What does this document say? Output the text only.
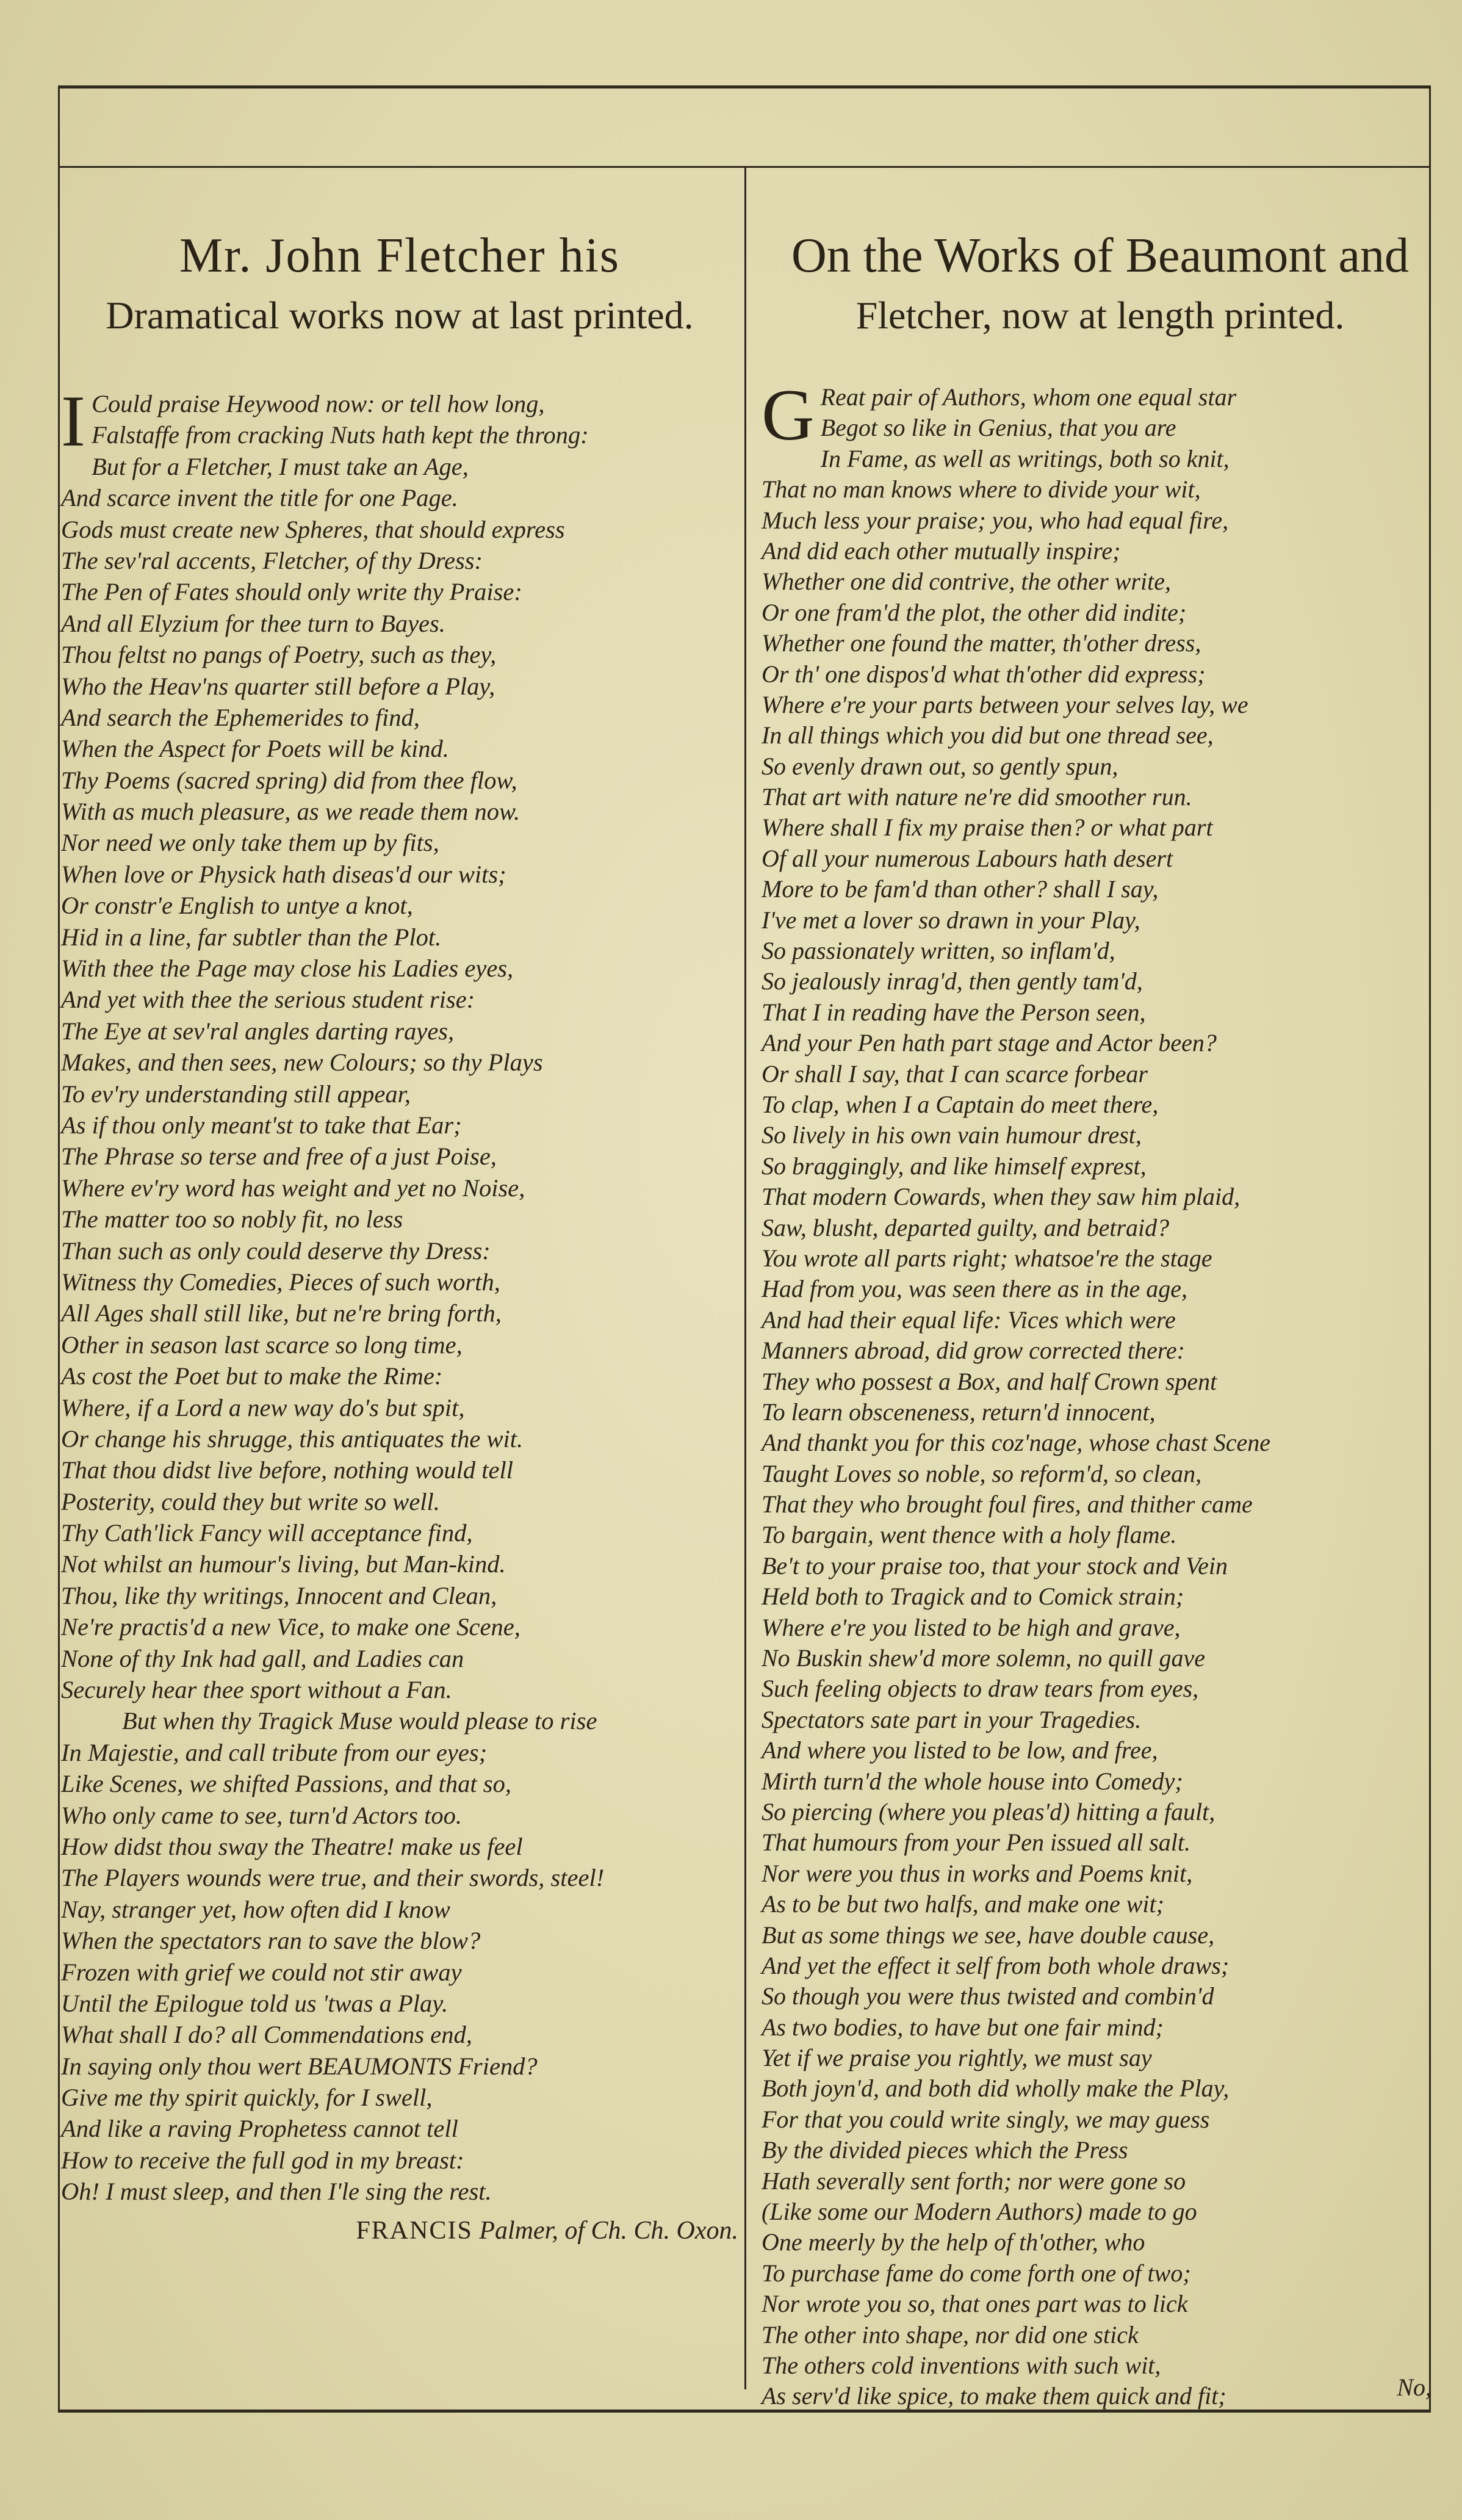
Mr. John Fletcher his
Dramatical works now at last printed.
I Could praise Heywood now: or tell how long,
Falstaffe from cracking Nuts hath kept the throng:
But for a Fletcher, I must take an Age,
And scarce invent the title for one Page.
Gods must create new Spheres, that should express
The sev'ral accents, Fletcher, of thy Dress:
The Pen of Fates should only write thy Praise:
And all Elyzium for thee turn to Bayes.
Thou feltst no pangs of Poetry, such as they,
Who the Heav'ns quarter still before a Play,
And search the Ephemerides to find,
When the Aspect for Poets will be kind.
Thy Poems (sacred spring) did from thee flow,
With as much pleasure, as we reade them now.
Nor need we only take them up by fits,
When love or Physick hath diseas'd our wits;
Or constr'e English to untye a knot,
Hid in a line, far subtler than the Plot.
With thee the Page may close his Ladies eyes,
And yet with thee the serious student rise:
The Eye at sev'ral angles darting rayes,
Makes, and then sees, new Colours; so thy Plays
To ev'ry understanding still appear,
As if thou only meant'st to take that Ear;
The Phrase so terse and free of a just Poise,
Where ev'ry word has weight and yet no Noise,
The matter too so nobly fit, no less
Than such as only could deserve thy Dress:
Witness thy Comedies, Pieces of such worth,
All Ages shall still like, but ne're bring forth,
Other in season last scarce so long time,
As cost the Poet but to make the Rime:
Where, if a Lord a new way do's but spit,
Or change his shrugge, this antiquates the wit.
That thou didst live before, nothing would tell
Posterity, could they but write so well.
Thy Cath'lick Fancy will acceptance find,
Not whilst an humour's living, but Man-kind.
Thou, like thy writings, Innocent and Clean,
Ne're practis'd a new Vice, to make one Scene,
None of thy Ink had gall, and Ladies can
Securely hear thee sport without a Fan.
But when thy Tragick Muse would please to rise
In Majestie, and call tribute from our eyes;
Like Scenes, we shifted Passions, and that so,
Who only came to see, turn'd Actors too.
How didst thou sway the Theatre! make us feel
The Players wounds were true, and their swords, steel!
Nay, stranger yet, how often did I know
When the spectators ran to save the blow?
Frozen with grief we could not stir away
Until the Epilogue told us 'twas a Play.
What shall I do? all Commendations end,
In saying only thou wert BEAUMONTS Friend?
Give me thy spirit quickly, for I swell,
And like a raving Prophetess cannot tell
How to receive the full god in my breast:
Oh! I must sleep, and then I'le sing the rest.
FRANCIS Palmer, of Ch. Ch. Oxon.
On the Works of Beaumont and
Fletcher, now at length printed.
G Reat pair of Authors, whom one equal star
Begot so like in Genius, that you are
In Fame, as well as writings, both so knit,
That no man knows where to divide your wit,
Much less your praise; you, who had equal fire,
And did each other mutually inspire;
Whether one did contrive, the other write,
Or one fram'd the plot, the other did indite;
Whether one found the matter, th'other dress,
Or th' one dispos'd what th'other did express;
Where e're your parts between your selves lay, we
In all things which you did but one thread see,
So evenly drawn out, so gently spun,
That art with nature ne're did smoother run.
Where shall I fix my praise then? or what part
Of all your numerous Labours hath desert
More to be fam'd than other? shall I say,
I've met a lover so drawn in your Play,
So passionately written, so inflam'd,
So jealously inrag'd, then gently tam'd,
That I in reading have the Person seen,
And your Pen hath part stage and Actor been?
Or shall I say, that I can scarce forbear
To clap, when I a Captain do meet there,
So lively in his own vain humour drest,
So braggingly, and like himself exprest,
That modern Cowards, when they saw him plaid,
Saw, blusht, departed guilty, and betraid?
You wrote all parts right; whatsoe're the stage
Had from you, was seen there as in the age,
And had their equal life: Vices which were
Manners abroad, did grow corrected there:
They who possest a Box, and half Crown spent
To learn obsceneness, return'd innocent,
And thankt you for this coz'nage, whose chast Scene
Taught Loves so noble, so reform'd, so clean,
That they who brought foul fires, and thither came
To bargain, went thence with a holy flame.
Be't to your praise too, that your stock and Vein
Held both to Tragick and to Comick strain;
Where e're you listed to be high and grave,
No Buskin shew'd more solemn, no quill gave
Such feeling objects to draw tears from eyes,
Spectators sate part in your Tragedies.
And where you listed to be low, and free,
Mirth turn'd the whole house into Comedy;
So piercing (where you pleas'd) hitting a fault,
That humours from your Pen issued all salt.
Nor were you thus in works and Poems knit,
As to be but two halfs, and make one wit;
But as some things we see, have double cause,
And yet the effect it self from both whole draws;
So though you were thus twisted and combin'd
As two bodies, to have but one fair mind;
Yet if we praise you rightly, we must say
Both joyn'd, and both did wholly make the Play,
For that you could write singly, we may guess
By the divided pieces which the Press
Hath severally sent forth; nor were gone so
(Like some our Modern Authors) made to go
One meerly by the help of th'other, who
To purchase fame do come forth one of two;
Nor wrote you so, that ones part was to lick
The other into shape, nor did one stick
The others cold inventions with such wit,
As serv'd like spice, to make them quick and fit;	No,
